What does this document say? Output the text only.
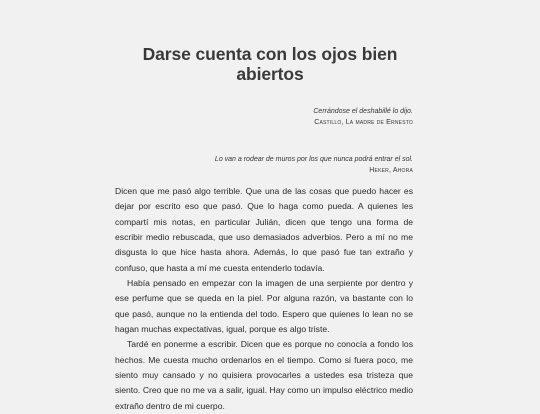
Darse cuenta con los ojos bien abiertos
Cerrándose el deshabillé lo dijo.
Castillo, La madre de Ernesto
Lo van a rodear de muros por los que nunca podrá entrar el sol.
Heker, Ahora

Dicen que me pasó algo terrible. Que una de las cosas que puedo hacer es dejar por escrito eso que pasó. Que lo haga como pueda. A quienes les compartí mis notas, en particular Julián, dicen que tengo una forma de escribir medio rebuscada, que uso demasiados adverbios. Pero a mí no me disgusta lo que hice hasta ahora. Además, lo que pasó fue tan extraño y confuso, que hasta a mí me cuesta entenderlo todavía.

Había pensado en empezar con la imagen de una serpiente por dentro y ese perfume que se queda en la piel. Por alguna razón, va bastante con lo que pasó, aunque no la entienda del todo. Espero que quienes lo lean no se hagan muchas expectativas, igual, porque es algo triste.

Tardé en ponerme a escribir. Dicen que es porque no conocía a fondo los hechos. Me cuesta mucho ordenarlos en el tiempo. Como si fuera poco, me siento muy cansado y no quisiera provocarles a ustedes esa tristeza que siento. Creo que no me va a salir, igual. Hay como un impulso eléctrico medio extraño dentro de mi cuerpo.
